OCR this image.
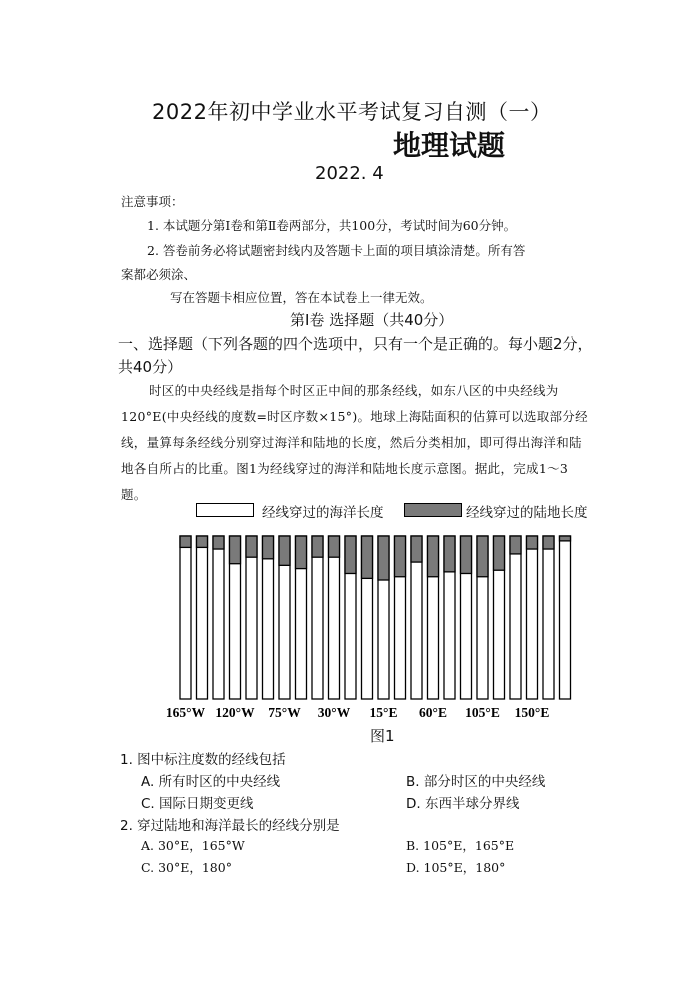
2022年初中学业水平考试复习自测（一）
地理试题
2022. 4
注意事项：
1. 本试题分第Ⅰ卷和第Ⅱ卷两部分，共100分，考试时间为60分钟。
2. 答卷前务必将试题密封线内及答题卡上面的项目填涂清楚。所有答
案都必须涂、
写在答题卡相应位置，答在本试卷上一律无效。
第Ⅰ卷 选择题（共40分）
一、选择题（下列各题的四个选项中，只有一个是正确的。每小题2分，
共40分）
时区的中央经线是指每个时区正中间的那条经线，如东八区的中央经线为120°E(中央经线的度数=时区序数×15°)。地球上海陆面积的估算可以选取部分经线，量算每条经线分别穿过海洋和陆地的长度，然后分类相加，即可得出海洋和陆地各自所占的比重。图1为经线穿过的海洋和陆地长度示意图。据此，完成1～3题。
经线穿过的海洋长度	经线穿过的陆地长度
165°W 120°W 75°W 30°W 15°E 60°E 105°E 150°E
图1
1. 图中标注度数的经线包括
A. 所有时区的中央经线	B. 部分时区的中央经线
C. 国际日期变更线	D. 东西半球分界线
2. 穿过陆地和海洋最长的经线分别是
A. 30°E，165°W	B. 105°E，165°E
C. 30°E，180°	D. 105°E，180°
